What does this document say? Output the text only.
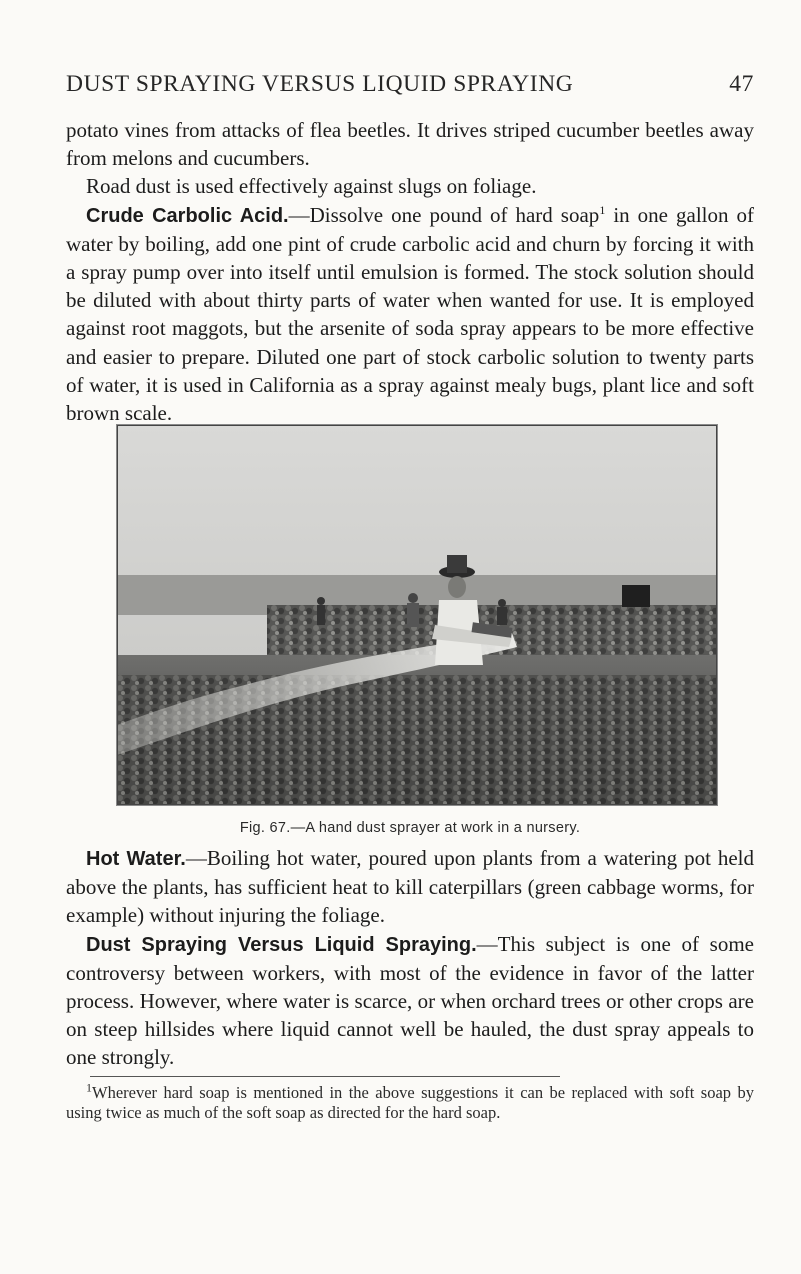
DUST SPRAYING VERSUS LIQUID SPRAYING	47

potato vines from attacks of flea beetles. It drives striped cucumber beetles away from melons and cucumbers.

Road dust is used effectively against slugs on foliage.

Crude Carbolic Acid.—Dissolve one pound of hard soap$^1$ in one gallon of water by boiling, add one pint of crude carbolic acid and churn by forcing it with a spray pump over into itself until emulsion is formed. The stock solution should be diluted with about thirty parts of water when wanted for use. It is employed against root maggots, but the arsenite of soda spray appears to be more effective and easier to prepare. Diluted one part of stock carbolic solution to twenty parts of water, it is used in California as a spray against mealy bugs, plant lice and soft brown scale.

Fig. 67.—A hand dust sprayer at work in a nursery.

Hot Water.—Boiling hot water, poured upon plants from a watering pot held above the plants, has sufficient heat to kill caterpillars (green cabbage worms, for example) without injuring the foliage.

Dust Spraying Versus Liquid Spraying.—This subject is one of some controversy between workers, with most of the evidence in favor of the latter process. However, where water is scarce, or when orchard trees or other crops are on steep hillsides where liquid cannot well be hauled, the dust spray appeals to one strongly.

$^1$Wherever hard soap is mentioned in the above suggestions it can be replaced with soft soap by using twice as much of the soft soap as directed for the hard soap.
